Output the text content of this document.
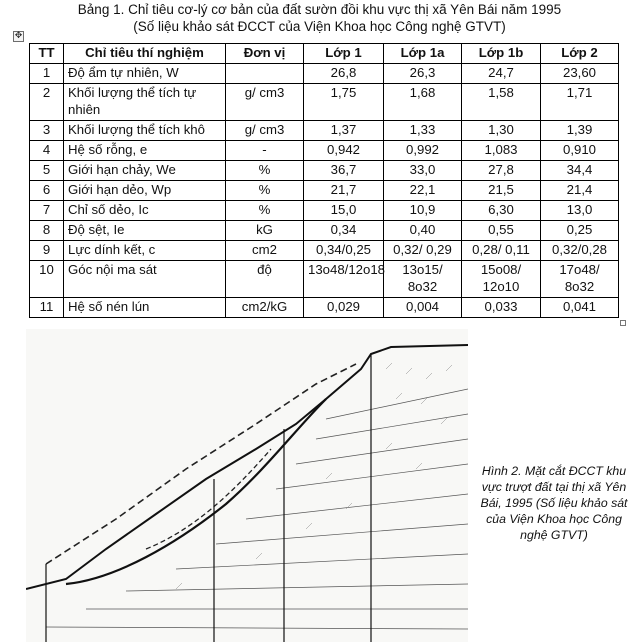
Bảng 1. Chỉ tiêu cơ-lý cơ bản của đất sườn đồi khu vực thị xã Yên Bái năm 1995
(Số liệu khảo sát ĐCCT của Viện Khoa học Công nghệ GTVT)
✥
TT	Chỉ tiêu thí nghiệm	Đơn vị	Lớp 1	Lớp 1a	Lớp 1b	Lớp 2
1	Độ ẩm tự nhiên, W		26,8	26,3	24,7	23,60
2	Khối lượng thể tích tự nhiên	g/ cm3	1,75	1,68	1,58	1,71
3	Khối lượng thể tích khô	g/ cm3	1,37	1,33	1,30	1,39
4	Hệ số rỗng, e	-	0,942	0,992	1,083	0,910
5	Giới hạn chảy, We	%	36,7	33,0	27,8	34,4
6	Giới hạn dẻo, Wp	%	21,7	22,1	21,5	21,4
7	Chỉ số dẻo, Ic	%	15,0	10,9	6,30	13,0
8	Độ sệt, Ie	kG	0,34	0,40	0,55	0,25
9	Lực dính kết, c	cm2	0,34/0,25	0,32/ 0,29	0,28/ 0,11	0,32/0,28
10	Góc nội ma sát	độ	13o48/12o18	13o15/ 8o32	15o08/ 12o10	17o48/ 8o32
11	Hệ số nén lún	cm2/kG	0,029	0,004	0,033	0,041
Hình 2. Mặt cắt ĐCCT khu vực trượt đất tại thị xã Yên Bái, 1995 (Số liệu khảo sát của Viện Khoa học Công nghệ GTVT)
